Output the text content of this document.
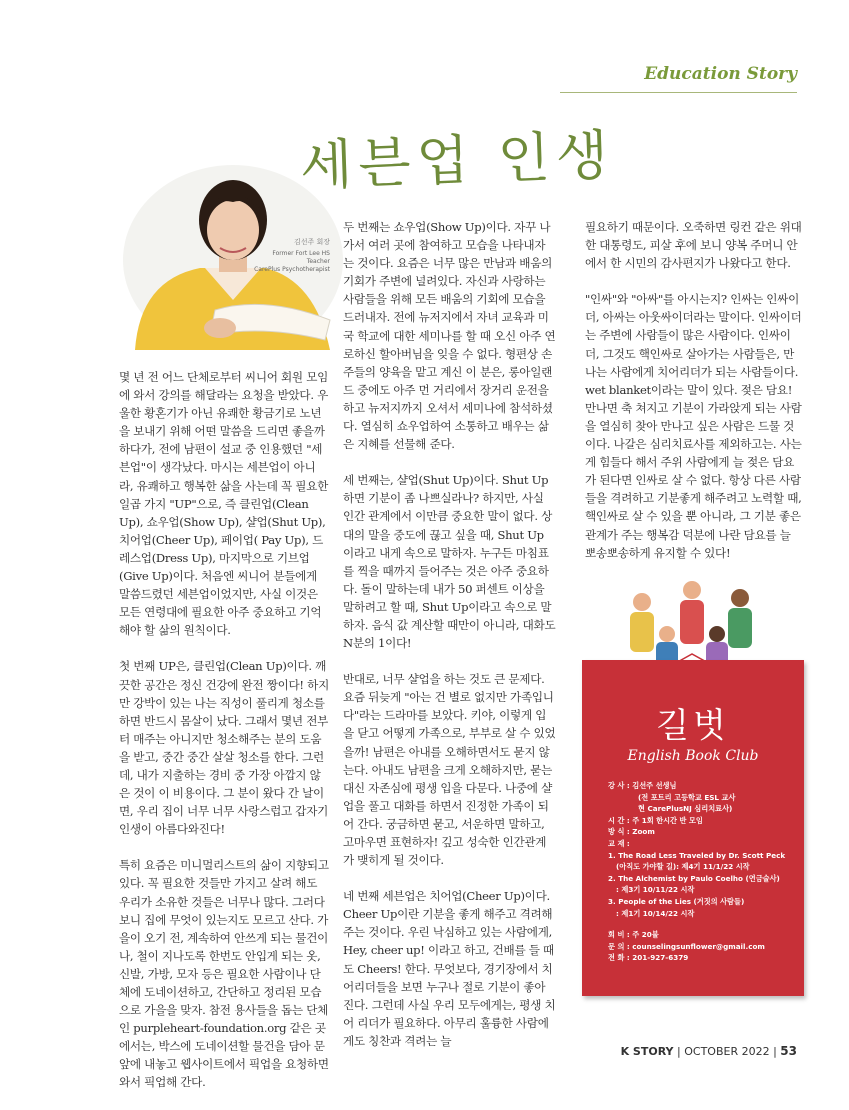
Education Story
세븐업 인생
김선주 회장
Former Fort Lee HS Teacher
CarePlus Psychotherapist

몇 년 전 어느 단체로부터 씨니어 회원 모임에 와서 강의를 해달라는 요청을 받았다. 우울한 황혼기가 아닌 유쾌한 황금기로 노년을 보내기 위해 어떤 말씀을 드리면 좋을까 하다가, 전에 남편이 설교 중 인용했던 "세븐업"이 생각났다. 마시는 세븐업이 아니라, 유쾌하고 행복한 삶을 사는데 꼭 필요한 일곱 가지 "UP"으로, 즉 클린업(Clean Up), 쇼우업(Show Up), 샬업(Shut Up), 치어업(Cheer Up), 페이업( Pay Up), 드레스업(Dress Up), 마지막으로 기브업(Give Up)이다. 처음엔 씨니어 분들에게 말씀드렸던 세븐업이었지만, 사실 이것은 모든 연령대에 필요한 아주 중요하고 기억해야 할 삶의 원칙이다.

첫 번째 UP은, 클린업(Clean Up)이다. 깨끗한 공간은 정신 건강에 완전 짱이다! 하지만 강박이 있는 나는 직성이 풀리게 청소를 하면 반드시 몸살이 났다. 그래서 몇년 전부터 매주는 아니지만 청소해주는 분의 도움을 받고, 중간 중간 살살 청소를 한다. 그런데, 내가 지출하는 경비 중 가장 아깝지 않은 것이 이 비용이다. 그 분이 왔다 간 날이면, 우리 집이 너무 너무 사랑스럽고 갑자기 인생이 아름다와진다!

특히 요즘은 미니멀리스트의 삶이 지향되고 있다. 꼭 필요한 것들만 가지고 살려 해도 우리가 소유한 것들은 너무나 많다. 그러다보니 집에 무엇이 있는지도 모르고 산다. 가을이 오기 전, 계속하여 안쓰게 되는 물건이나, 철이 지나도록 한번도 안입게 되는 옷, 신발, 가방, 모자 등은 필요한 사람이나 단체에 도네이션하고, 간단하고 정리된 모습으로 가을을 맞자. 참전 용사들을 돕는 단체인 purpleheart-foundation.org 같은 곳에서는, 박스에 도네이션할 물건을 담아 문 앞에 내놓고 웹사이트에서 픽업을 요청하면 와서 픽업해 간다.

두 번째는 쇼우업(Show Up)이다. 자꾸 나가서 여러 곳에 참여하고 모습을 나타내자는 것이다. 요즘은 너무 많은 만남과 배움의 기회가 주변에 널려있다. 자신과 사랑하는 사람들을 위해 모든 배움의 기회에 모습을 드러내자. 전에 뉴저지에서 자녀 교육과 미국 학교에 대한 세미나를 할 때 오신 아주 연로하신 할아버님을 잊을 수 없다. 형편상 손주들의 양육을 맡고 계신 이 분은, 롱아일랜드 중에도 아주 먼 거리에서 장거리 운전을 하고 뉴저지까지 오셔서 세미나에 참석하셨다. 열심히 쇼우업하여 소통하고 배우는 삶은 지혜를 선물해 준다.

세 번째는, 샬업(Shut Up)이다. Shut Up 하면 기분이 좀 나쁘실라나? 하지만, 사실 인간 관계에서 이만큼 중요한 말이 없다. 상대의 말을 중도에 끊고 싶을 때, Shut Up 이라고 내게 속으로 말하자. 누구든 마침표를 찍을 때까지 들어주는 것은 아주 중요하다. 돌이 말하는데 내가 50 퍼센트 이상을 말하려고 할 때, Shut Up이라고 속으로 말하자. 음식 값 계산할 때만이 아니라, 대화도 N분의 1이다!

반대로, 너무 샬업을 하는 것도 큰 문제다. 요즘 뒤늦게 "아는 건 별로 없지만 가족입니다"라는 드라마를 보았다. 키야, 이렇게 입을 닫고 어떻게 가족으로, 부부로 살 수 있었을까! 남편은 아내를 오해하면서도 묻지 않는다. 아내도 남편을 크게 오해하지만, 묻는 대신 자존심에 평생 입을 다문다. 나중에 샬업을 풀고 대화를 하면서 진정한 가족이 되어 간다. 궁금하면 묻고, 서운하면 말하고, 고마우면 표현하자! 깊고 성숙한 인간관계가 맺히게 될 것이다.

네 번째 세븐업은 치어업(Cheer Up)이다. Cheer Up이란 기분을 좋게 해주고 격려해주는 것이다. 우린 낙심하고 있는 사람에게, Hey, cheer up! 이라고 하고, 건배를 들 때도 Cheers! 한다. 무엇보다, 경기장에서 치어리더들을 보면 누구나 절로 기분이 좋아진다. 그런데 사실 우리 모두에게는, 평생 치어 리더가 필요하다. 아무리 훌륭한 사람에게도 칭찬과 격려는 늘

필요하기 때문이다. 오죽하면 링컨 같은 위대한 대통령도, 피살 후에 보니 양복 주머니 안에서 한 시민의 감사편지가 나왔다고 한다.

"인싸"와 "아싸"를 아시는지? 인싸는 인싸이더, 아싸는 아웃싸이더라는 말이다. 인싸이더는 주변에 사람들이 많은 사람이다. 인싸이더, 그것도 핵인싸로 살아가는 사람들은, 만나는 사람에게 치어리더가 되는 사람들이다. wet blanket이라는 말이 있다. 젖은 담요! 만나면 축 쳐지고 기분이 가라앉게 되는 사람을 열심히 찾아 만나고 싶은 사람은 드물 것이다. 나갈은 심리치료사를 제외하고는. 사는 게 힘들다 해서 주위 사람에게 늘 젖은 담요가 된다면 인싸로 살 수 없다. 항상 다른 사람들을 격려하고 기분좋게 해주려고 노력할 때, 핵인싸로 살 수 있을 뿐 아니라, 그 기분 좋은 관계가 주는 행복감 덕분에 나란 담요를 늘 뽀송뽀송하게 유지할 수 있다!

길벗
English Book Club
강 사 : 김선주 선생님
(전 포트리 고등학교 ESL 교사
현 CarePlusNJ 심리치료사)
시 간 : 주 1회 한시간 반 모임
방 식 : Zoom
교 재 :
1. The Road Less Traveled by Dr. Scott Peck
(아직도 가야할 길): 제4기 11/1/22 시작
2. The Alchemist by Paulo Coelho (연금술사)
: 제3기 10/11/22 시작
3. People of the Lies (거짓의 사람들)
: 제1기 10/14/22 시작
회 비 : 주 20불
문 의 : counselingsunflower@gmail.com
전 화 : 201-927-6379
K STORY | OCTOBER 2022 | 53
